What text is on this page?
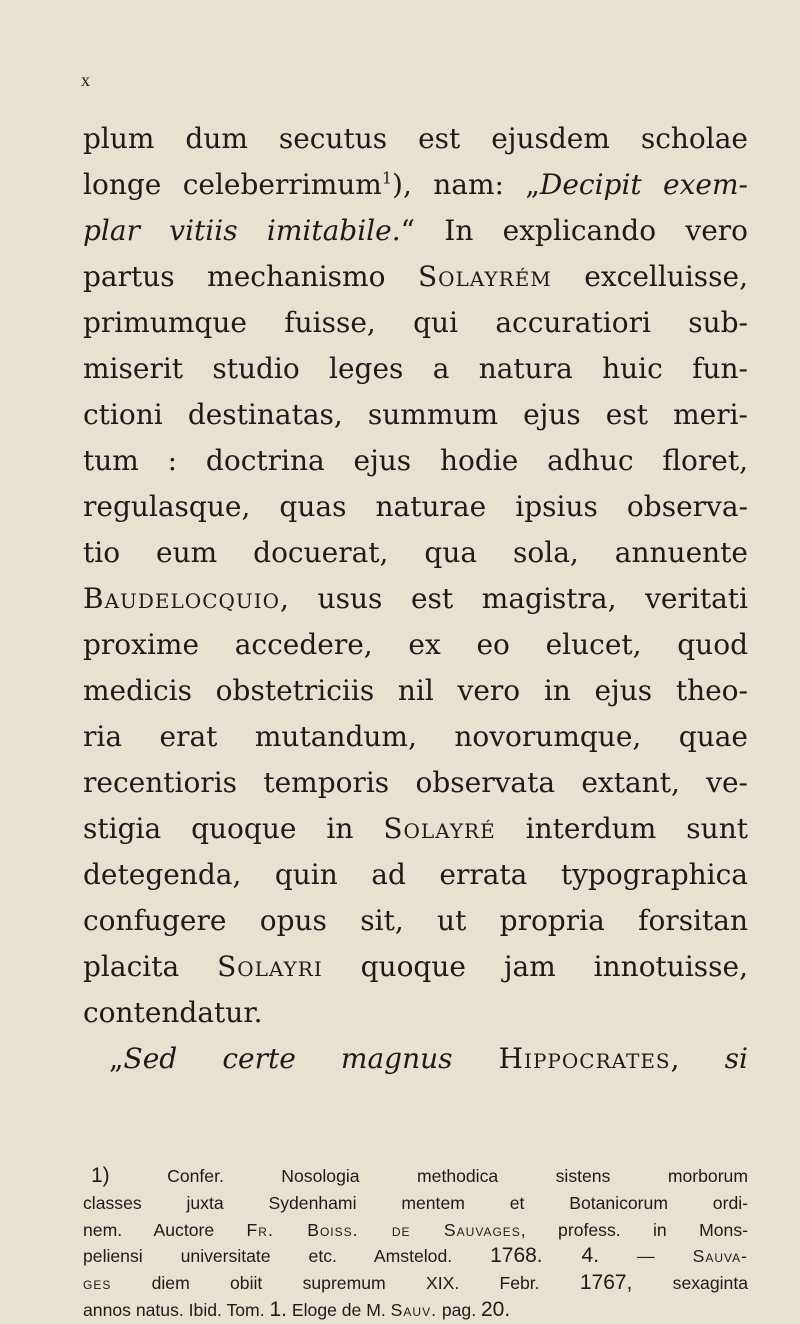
x
plum dum secutus est ejusdem scholae
longe celeberrimum$^1$), nam: „Decipit exem-
plar vitiis imitabile.“ In explicando vero
partus mechanismo Solayrém excelluisse,
primumque fuisse, qui accuratiori sub-
miserit studio leges a natura huic fun-
ctioni destinatas, summum ejus est meri-
tum : doctrina ejus hodie adhuc floret,
regulasque, quas naturae ipsius observa-
tio eum docuerat, qua sola, annuente
Baudelocquio, usus est magistra, veritati
proxime accedere, ex eo elucet, quod
medicis obstetriciis nil vero in ejus theo-
ria erat mutandum, novorumque, quae
recentioris temporis observata extant, ve-
stigia quoque in Solayré interdum sunt
detegenda, quin ad errata typographica
confugere opus sit, ut propria forsitan
placita Solayri quoque jam innotuisse,
contendatur.
„Sed certe magnus Hippocrates, si
1) Confer. Nosologia methodica sistens morborum
classes juxta Sydenhami mentem et Botanicorum ordi-
nem. Auctore Fr. Boiss. de Sauvages, profess. in Mons-
peliensi universitate etc. Amstelod. 1768. 4. — Sauva-
ges diem obiit supremum XIX. Febr. 1767, sexaginta
annos natus. Ibid. Tom. 1. Eloge de M. Sauv. pag. 20.
